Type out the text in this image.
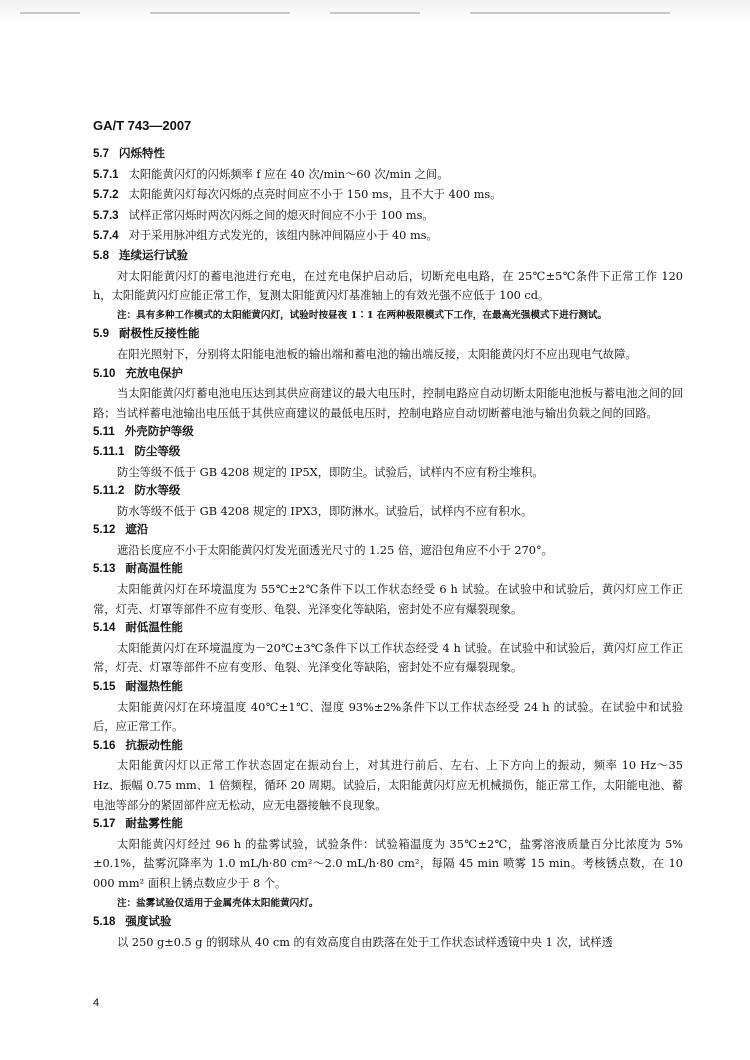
GA/T 743—2007
5.7 闪烁特性
5.7.1 太阳能黄闪灯的闪烁频率 f 应在 40 次/min～60 次/min 之间。
5.7.2 太阳能黄闪灯每次闪烁的点亮时间应不小于 150 ms，且不大于 400 ms。
5.7.3 试样正常闪烁时两次闪烁之间的熄灭时间应不小于 100 ms。
5.7.4 对于采用脉冲组方式发光的，该组内脉冲间隔应小于 40 ms。
5.8 连续运行试验
对太阳能黄闪灯的蓄电池进行充电，在过充电保护启动后，切断充电电路，在 25℃±5℃条件下正常工作 120 h，太阳能黄闪灯应能正常工作，复测太阳能黄闪灯基准轴上的有效光强不应低于 100 cd。
注：具有多种工作模式的太阳能黄闪灯，试验时按昼夜 1∶1 在两种极限模式下工作，在最高光强模式下进行测试。
5.9 耐极性反接性能
在阳光照射下，分别将太阳能电池板的输出端和蓄电池的输出端反接，太阳能黄闪灯不应出现电气故障。
5.10 充放电保护
当太阳能黄闪灯蓄电池电压达到其供应商建议的最大电压时，控制电路应自动切断太阳能电池板与蓄电池之间的回路；当试样蓄电池输出电压低于其供应商建议的最低电压时，控制电路应自动切断蓄电池与输出负载之间的回路。
5.11 外壳防护等级
5.11.1 防尘等级
防尘等级不低于 GB 4208 规定的 IP5X，即防尘。试验后，试样内不应有粉尘堆积。
5.11.2 防水等级
防水等级不低于 GB 4208 规定的 IPX3，即防淋水。试验后，试样内不应有积水。
5.12 遮沿
遮沿长度应不小于太阳能黄闪灯发光面透光尺寸的 1.25 倍，遮沿包角应不小于 270°。
5.13 耐高温性能
太阳能黄闪灯在环境温度为 55℃±2℃条件下以工作状态经受 6 h 试验。在试验中和试验后，黄闪灯应工作正常，灯壳、灯罩等部件不应有变形、龟裂、光泽变化等缺陷，密封处不应有爆裂现象。
5.14 耐低温性能
太阳能黄闪灯在环境温度为－20℃±3℃条件下以工作状态经受 4 h 试验。在试验中和试验后，黄闪灯应工作正常，灯壳、灯罩等部件不应有变形、龟裂、光泽变化等缺陷，密封处不应有爆裂现象。
5.15 耐湿热性能
太阳能黄闪灯在环境温度 40℃±1℃、湿度 93%±2%条件下以工作状态经受 24 h 的试验。在试验中和试验后，应正常工作。
5.16 抗振动性能
太阳能黄闪灯以正常工作状态固定在振动台上，对其进行前后、左右、上下方向上的振动，频率 10 Hz～35 Hz、振幅 0.75 mm、1 倍频程，循环 20 周期。试验后，太阳能黄闪灯应无机械损伤，能正常工作，太阳能电池、蓄电池等部分的紧固部件应无松动，应无电器接触不良现象。
5.17 耐盐雾性能
太阳能黄闪灯经过 96 h 的盐雾试验，试验条件：试验箱温度为 35℃±2℃，盐雾溶液质量百分比浓度为 5%±0.1%，盐雾沉降率为 1.0 mL/h·80 cm²～2.0 mL/h·80 cm²，每隔 45 min 喷雾 15 min。考核锈点数，在 10 000 mm² 面积上锈点数应少于 8 个。
注：盐雾试验仅适用于金属壳体太阳能黄闪灯。
5.18 强度试验
以 250 g±0.5 g 的钢球从 40 cm 的有效高度自由跌落在处于工作状态试样透镜中央 1 次，试样透
4
